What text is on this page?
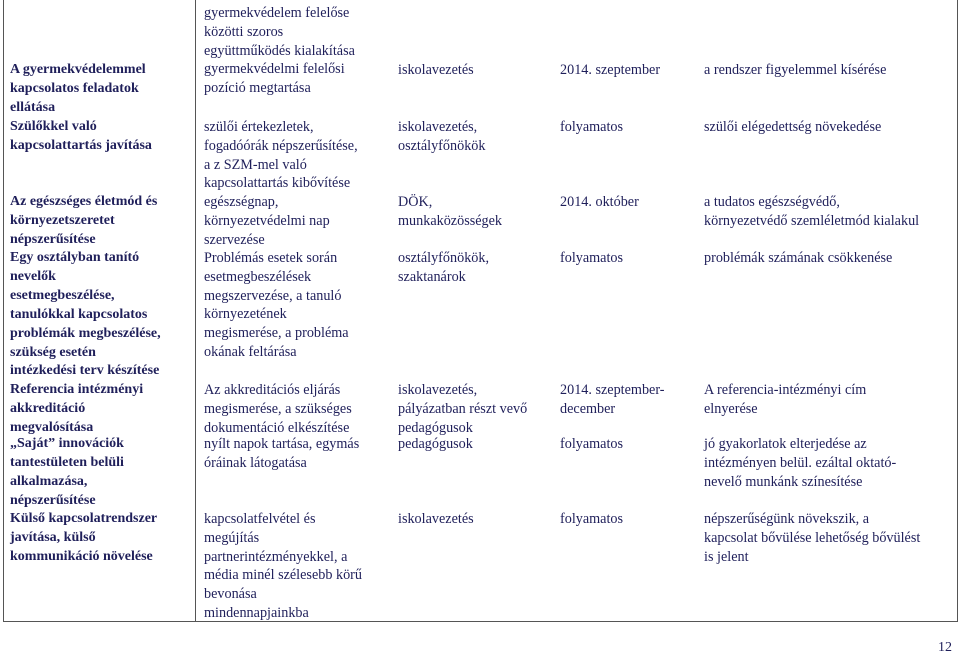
A gyermekvédelemmel
kapcsolatos feladatok
ellátása
Szülőkkel való
kapcsolattartás javítása
Az egészséges életmód és
környezetszeretet
népszerűsítése
Egy osztályban tanító
nevelők
esetmegbeszélése,
tanulókkal kapcsolatos
problémák megbeszélése,
szükség esetén
intézkedési terv készítése
Referencia intézményi
akkreditáció
megvalósítása
„Saját” innovációk
tantestületen belüli
alkalmazása,
népszerűsítése
Külső kapcsolatrendszer
javítása, külső
kommunikáció növelése
gyermekvédelem felelőse
közötti szoros
együttműködés kialakítása
gyermekvédelmi felelősi
pozíció megtartása
szülői értekezletek,
fogadóórák népszerűsítése,
a z SZM-mel való
kapcsolattartás kibővítése
egészségnap,
környezetvédelmi nap
szervezése
Problémás esetek során
esetmegbeszélések
megszervezése, a tanuló
környezetének
megismerése, a probléma
okának feltárása
Az akkreditációs eljárás
megismerése, a szükséges
dokumentáció elkészítése
nyílt napok tartása, egymás
óráinak látogatása
kapcsolatfelvétel és
megújítás
partnerintézményekkel, a
média minél szélesebb körű
bevonása
mindennapjainkba
iskolavezetés
iskolavezetés,
osztályfőnökök
DÖK,
munkaközösségek
osztályfőnökök,
szaktanárok
iskolavezetés,
pályázatban részt vevő
pedagógusok
pedagógusok
iskolavezetés
2014. szeptember
folyamatos
2014. október
folyamatos
2014. szeptember-
december
folyamatos
folyamatos
a rendszer figyelemmel kísérése
szülői elégedettség növekedése
a tudatos egészségvédő,
környezetvédő szemléletmód kialakul
problémák számának csökkenése
A referencia-intézményi cím
elnyerése
jó gyakorlatok elterjedése az
intézményen belül. ezáltal oktató-
nevelő munkánk színesítése
népszerűségünk növekszik, a
kapcsolat bővülése lehetőség bővülést
is jelent
12
